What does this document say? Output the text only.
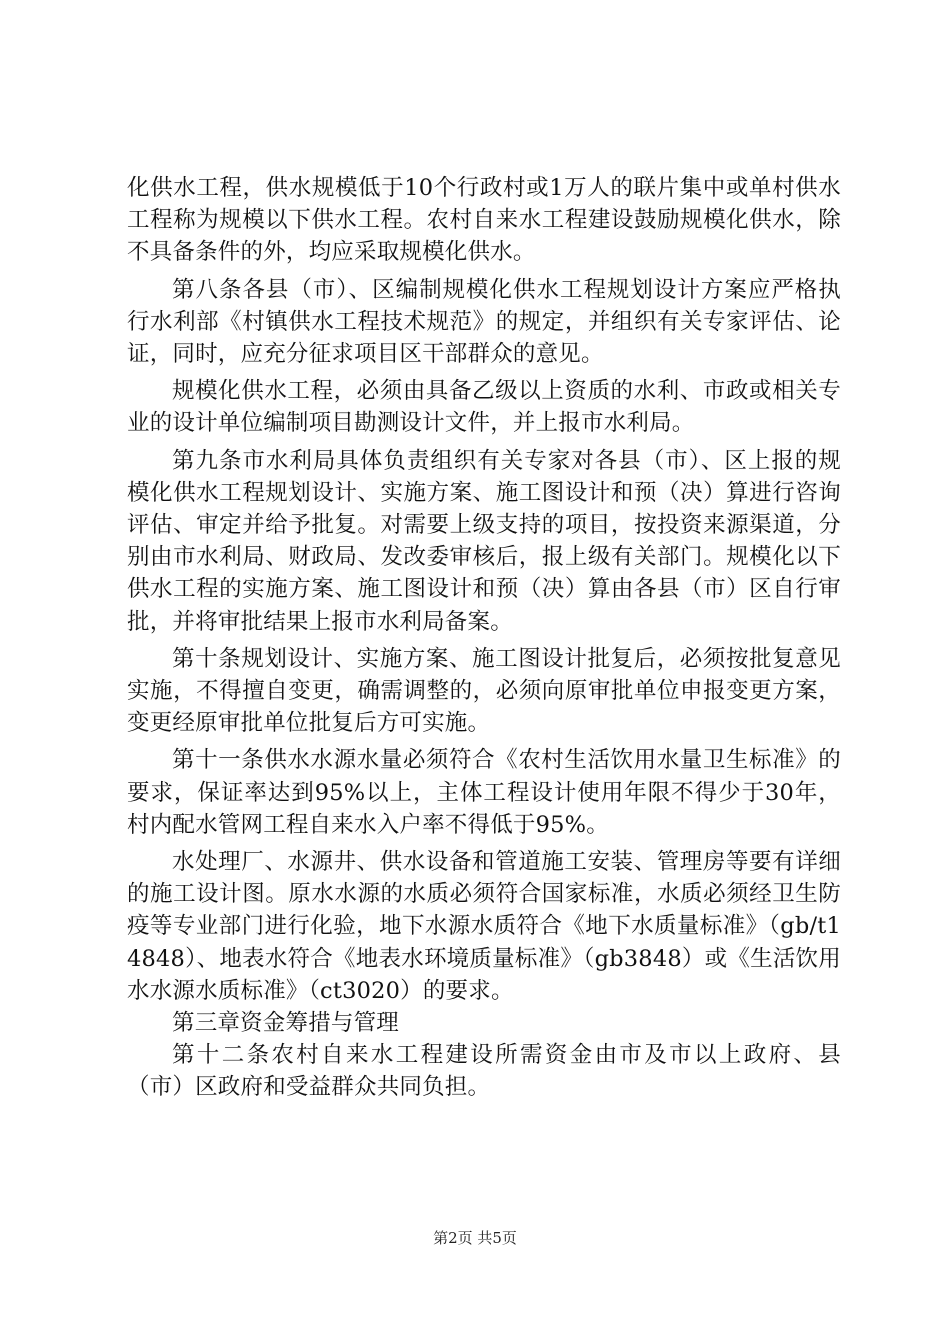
化供水工程，供水规模低于10个行政村或1万人的联片集中或单村供水工程称为规模以下供水工程。农村自来水工程建设鼓励规模化供水，除不具备条件的外，均应采取规模化供水。

第八条各县（市）、区编制规模化供水工程规划设计方案应严格执行水利部《村镇供水工程技术规范》的规定，并组织有关专家评估、论证，同时，应充分征求项目区干部群众的意见。

规模化供水工程，必须由具备乙级以上资质的水利、市政或相关专业的设计单位编制项目勘测设计文件，并上报市水利局。

第九条市水利局具体负责组织有关专家对各县（市）、区上报的规模化供水工程规划设计、实施方案、施工图设计和预（决）算进行咨询评估、审定并给予批复。对需要上级支持的项目，按投资来源渠道，分别由市水利局、财政局、发改委审核后，报上级有关部门。规模化以下供水工程的实施方案、施工图设计和预（决）算由各县（市）区自行审批，并将审批结果上报市水利局备案。

第十条规划设计、实施方案、施工图设计批复后，必须按批复意见实施，不得擅自变更，确需调整的，必须向原审批单位申报变更方案，变更经原审批单位批复后方可实施。

第十一条供水水源水量必须符合《农村生活饮用水量卫生标准》的要求，保证率达到95%以上，主体工程设计使用年限不得少于30年，村内配水管网工程自来水入户率不得低于95%。

水处理厂、水源井、供水设备和管道施工安装、管理房等要有详细的施工设计图。原水水源的水质必须符合国家标准，水质必须经卫生防疫等专业部门进行化验，地下水源水质符合《地下水质量标准》（gb/t14848）、地表水符合《地表水环境质量标准》（gb3848）或《生活饮用水水源水质标准》（ct3020）的要求。

第三章资金筹措与管理

第十二条农村自来水工程建设所需资金由市及市以上政府、县（市）区政府和受益群众共同负担。

第2页 共5页
